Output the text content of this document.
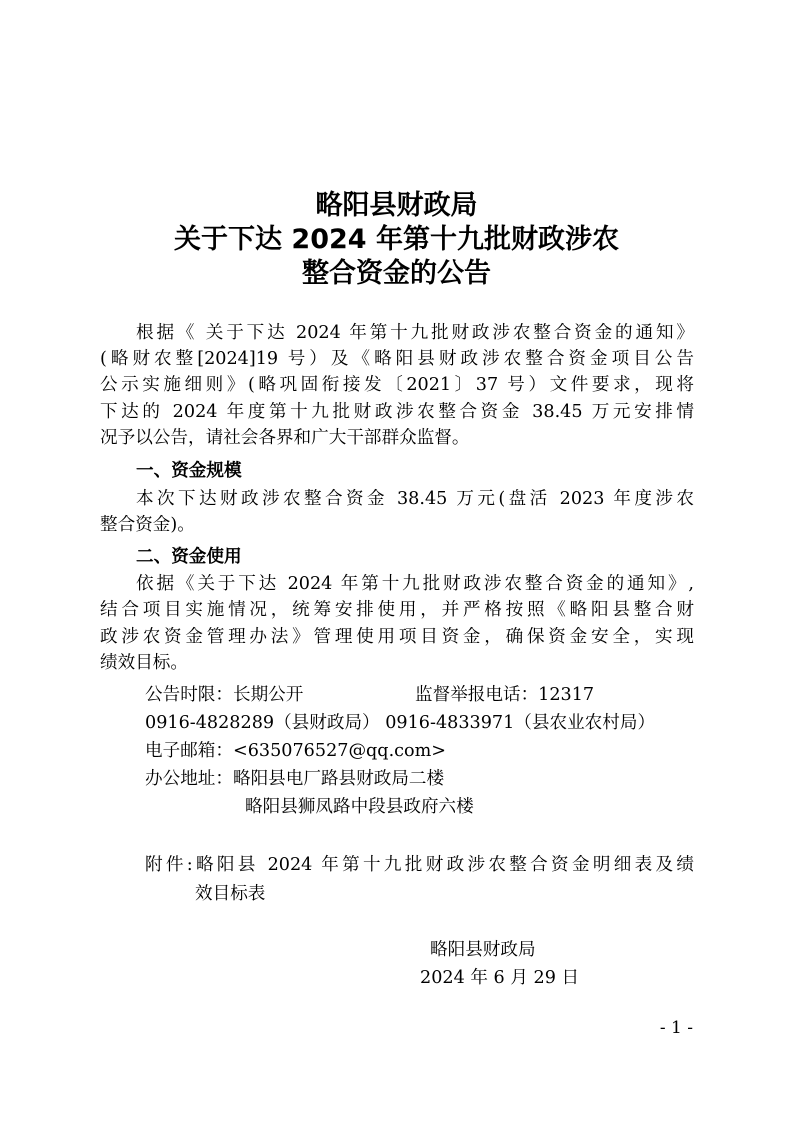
略阳县财政局
关于下达 2024 年第十九批财政涉农
整合资金的公告

根据《 关于下达 2024 年第十九批财政涉农整合资金的通知》

(略财农整[2024]19 号）及《略阳县财政涉农整合资金项目公告

公示实施细则》(略巩固衔接发〔2021〕37 号）文件要求，现将

下达的 2024 年度第十九批财政涉农整合资金 38.45 万元安排情

况予以公告，请社会各界和广大干部群众监督。

一、资金规模

本次下达财政涉农整合资金 38.45 万元(盘活 2023 年度涉农

整合资金)。

二、资金使用

依据《关于下达 2024 年第十九批财政涉农整合资金的通知》,

结合项目实施情况，统筹安排使用，并严格按照《略阳县整合财

政涉农资金管理办法》管理使用项目资金，确保资金安全，实现

绩效目标。

公告时限：长期公开	监督举报电话：12317

0916-4828289（县财政局） 0916-4833971（县农业农村局）

电子邮箱：<635076527@qq.com>

办公地址：略阳县电厂路县财政局二楼

略阳县狮凤路中段县政府六楼

附件:略阳县 2024 年第十九批财政涉农整合资金明细表及绩

效目标表

略阳县财政局

2024 年 6 月 29 日

- 1 -
